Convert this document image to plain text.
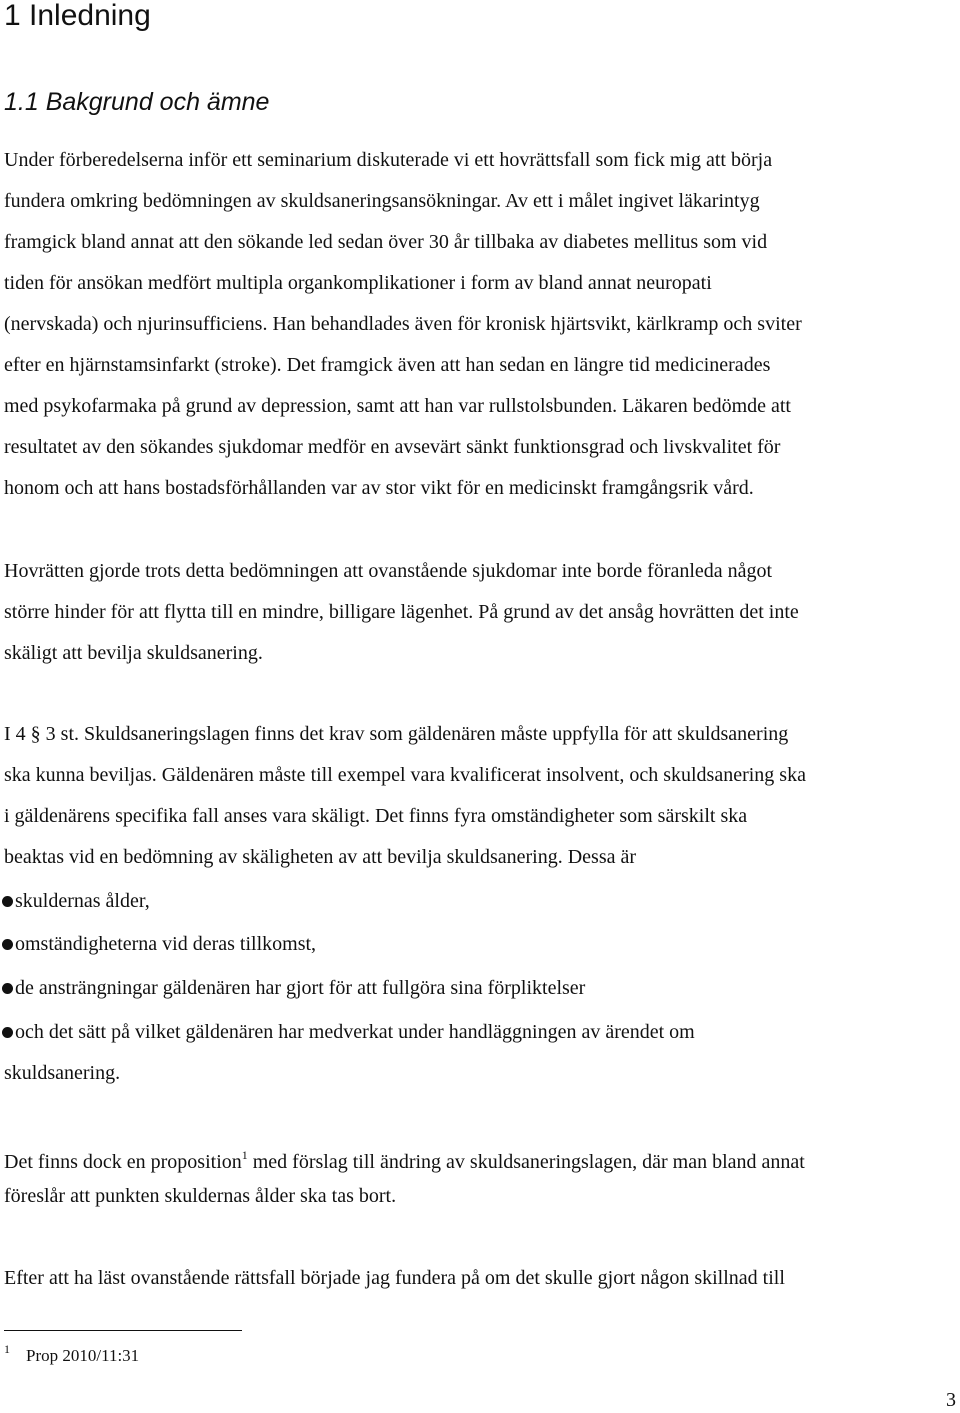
1 Inledning
1.1 Bakgrund och ämne
Under förberedelserna inför ett seminarium diskuterade vi ett hovrättsfall som fick mig att börja
fundera omkring bedömningen av skuldsaneringsansökningar. Av ett i målet ingivet läkarintyg
framgick bland annat att den sökande led sedan över 30 år tillbaka av diabetes mellitus som vid
tiden för ansökan medfört multipla organkomplikationer i form av bland annat neuropati
(nervskada) och njurinsufficiens. Han behandlades även för kronisk hjärtsvikt, kärlkramp och sviter
efter en hjärnstamsinfarkt (stroke). Det framgick även att han sedan en längre tid medicinerades
med psykofarmaka på grund av depression, samt att han var rullstolsbunden. Läkaren bedömde att
resultatet av den sökandes sjukdomar medför en avsevärt sänkt funktionsgrad och livskvalitet för
honom och att hans bostadsförhållanden var av stor vikt för en medicinskt framgångsrik vård.
Hovrätten gjorde trots detta bedömningen att ovanstående sjukdomar inte borde föranleda något
större hinder för att flytta till en mindre, billigare lägenhet. På grund av det ansåg hovrätten det inte
skäligt att bevilja skuldsanering.
I 4 § 3 st. Skuldsaneringslagen finns det krav som gäldenären måste uppfylla för att skuldsanering
ska kunna beviljas. Gäldenären måste till exempel vara kvalificerat insolvent, och skuldsanering ska
i gäldenärens specifika fall anses vara skäligt. Det finns fyra omständigheter som särskilt ska
beaktas vid en bedömning av skäligheten av att bevilja skuldsanering. Dessa är
skuldernas ålder,
omständigheterna vid deras tillkomst,
de ansträngningar gäldenären har gjort för att fullgöra sina förpliktelser
och det sätt på vilket gäldenären har medverkat under handläggningen av ärendet om
skuldsanering.
Det finns dock en proposition$^1$ med förslag till ändring av skuldsaneringslagen, där man bland annat
föreslår att punkten skuldernas ålder ska tas bort.
Efter att ha läst ovanstående rättsfall började jag fundera på om det skulle gjort någon skillnad till
$^1$ Prop 2010/11:31
3
